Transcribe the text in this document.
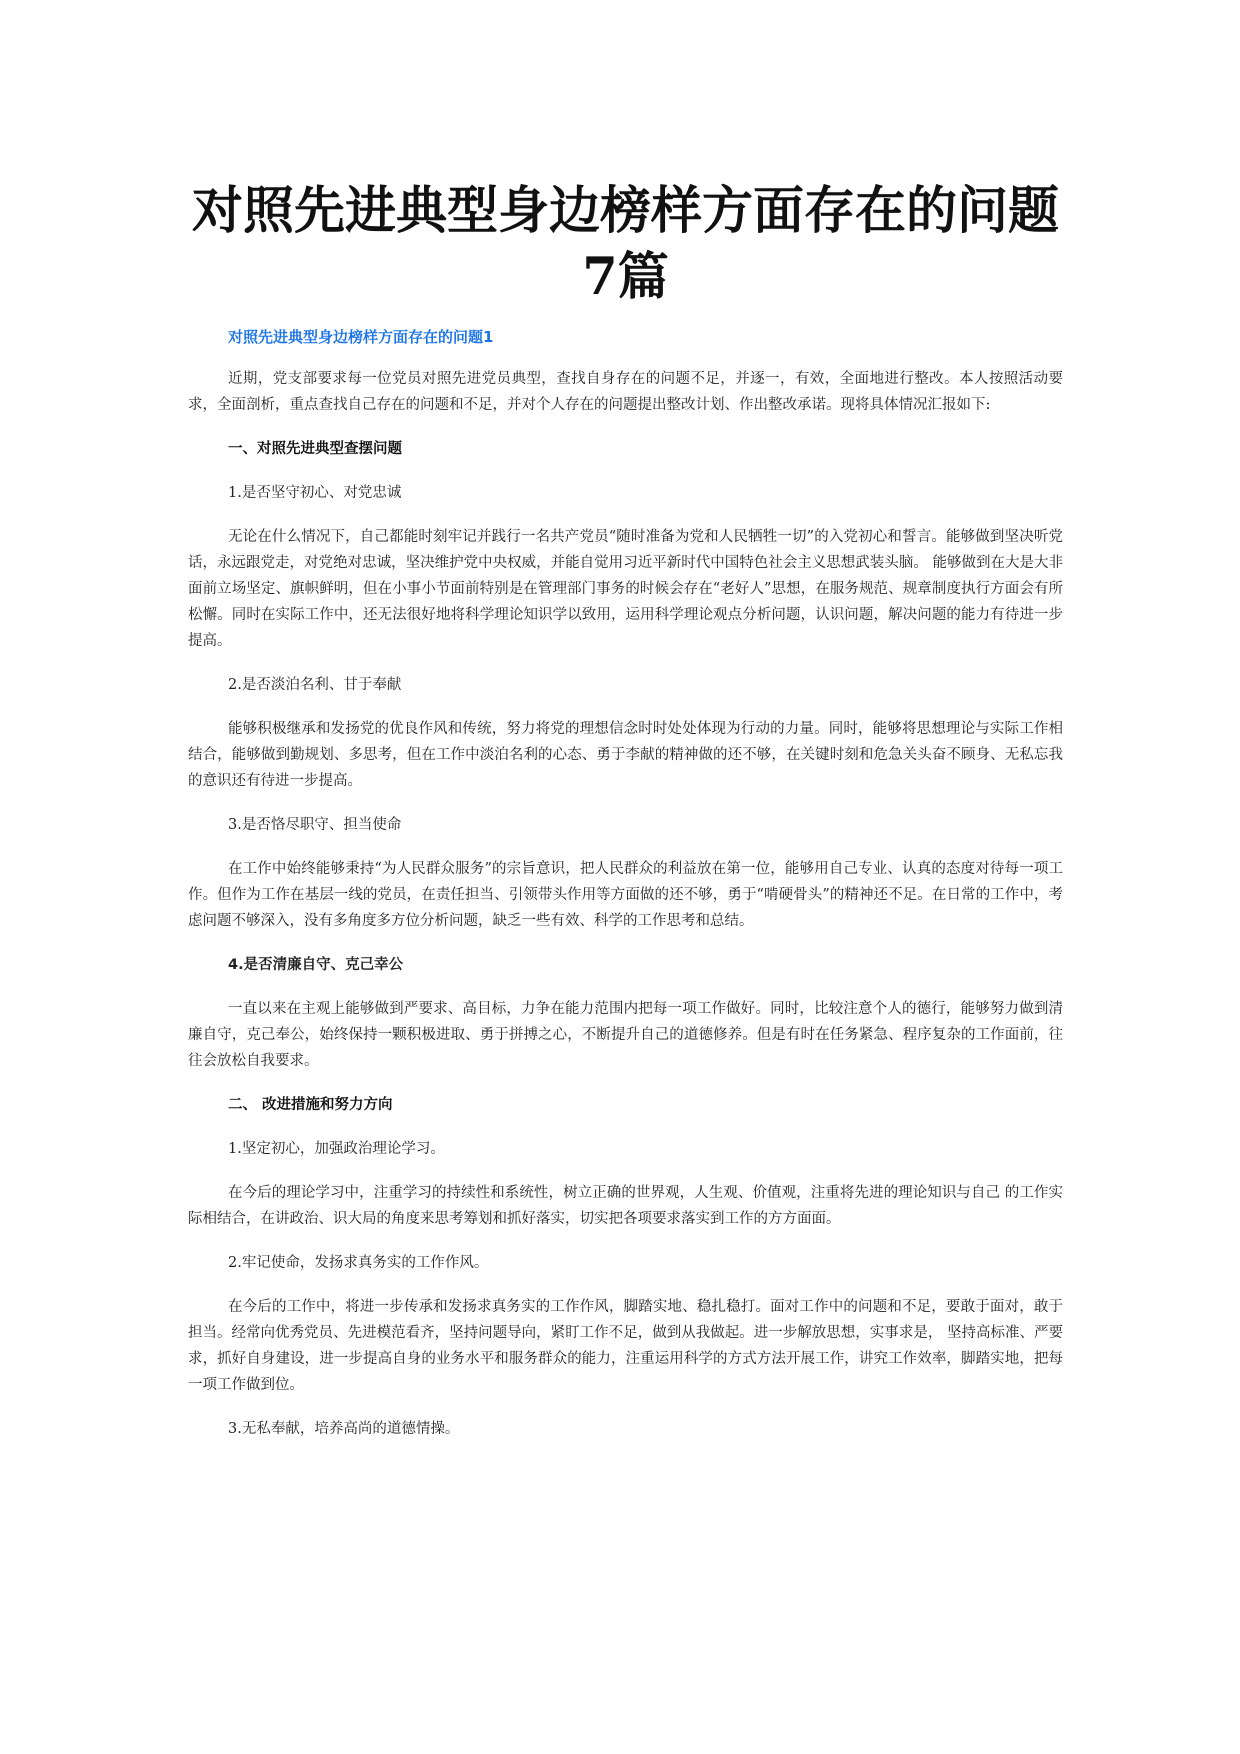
对照先进典型身边榜样方面存在的问题7篇
对照先进典型身边榜样方面存在的问题1

近期，党支部要求每一位党员对照先进党员典型，查找自身存在的问题不足，并逐一，有效，全面地进行整改。本人按照活动要求，全面剖析，重点查找自己存在的问题和不足，并对个人存在的问题提出整改计划、作出整改承诺。现将具体情况汇报如下:

一、对照先进典型查摆问题
1.是否坚守初心、对党忠诚

无论在什么情况下，自己都能时刻牢记并践行一名共产党员“随时准备为党和人民牺牲一切”的入党初心和誓言。能够做到坚决听党话，永远跟党走，对党绝对忠诚，坚决维护党中央权威，并能自觉用习近平新时代中国特色社会主义思想武装头脑。 能够做到在大是大非面前立场坚定、旗帜鲜明，但在小事小节面前特别是在管理部门事务的时候会存在“老好人”思想，在服务规范、规章制度执行方面会有所松懈。同时在实际工作中，还无法很好地将科学理论知识学以致用，运用科学理论观点分析问题，认识问题，解决问题的能力有待进一步提高。

2.是否淡泊名利、甘于奉献

能够积极继承和发扬党的优良作风和传统，努力将党的理想信念时时处处体现为行动的力量。同时，能够将思想理论与实际工作相结合，能够做到勤规划、多思考，但在工作中淡泊名利的心态、勇于李献的精神做的还不够，在关键时刻和危急关头奋不顾身、无私忘我的意识还有待进一步提高。

3.是否恪尽职守、担当使命

在工作中始终能够秉持“为人民群众服务”的宗旨意识，把人民群众的利益放在第一位，能够用自己专业、认真的态度对待每一项工作。但作为工作在基层一线的党员，在责任担当、引领带头作用等方面做的还不够，勇于“啃硬骨头”的精神还不足。在日常的工作中，考虑问题不够深入，没有多角度多方位分析问题，缺乏一些有效、科学的工作思考和总结。

4.是否清廉自守、克己幸公

一直以来在主观上能够做到严要求、高目标，力争在能力范围内把每一项工作做好。同时，比较注意个人的德行，能够努力做到清廉自守，克己奉公，始终保持一颗积极进取、勇于拼搏之心，不断提升自己的道德修养。但是有时在任务紧急、程序复杂的工作面前，往往会放松自我要求。

二、 改进措施和努力方向
1.坚定初心，加强政治理论学习。

在今后的理论学习中，注重学习的持续性和系统性，树立正确的世界观，人生观、价值观，注重将先进的理论知识与自己 的工作实际相结合，在讲政治、识大局的角度来思考筹划和抓好落实，切实把各项要求落实到工作的方方面面。

2.牢记使命，发扬求真务实的工作作风。

在今后的工作中，将进一步传承和发扬求真务实的工作作风，脚踏实地、稳扎稳打。面对工作中的问题和不足，要敢于面对，敢于担当。经常向优秀党员、先进模范看齐，坚持问题导向，紧盯工作不足，做到从我做起。进一步解放思想，实事求是， 坚持高标准、严要求，抓好自身建设，进一步提高自身的业务水平和服务群众的能力，注重运用科学的方式方法开展工作，讲究工作效率，脚踏实地，把每一项工作做到位。

3.无私奉献，培养高尚的道德情操。
